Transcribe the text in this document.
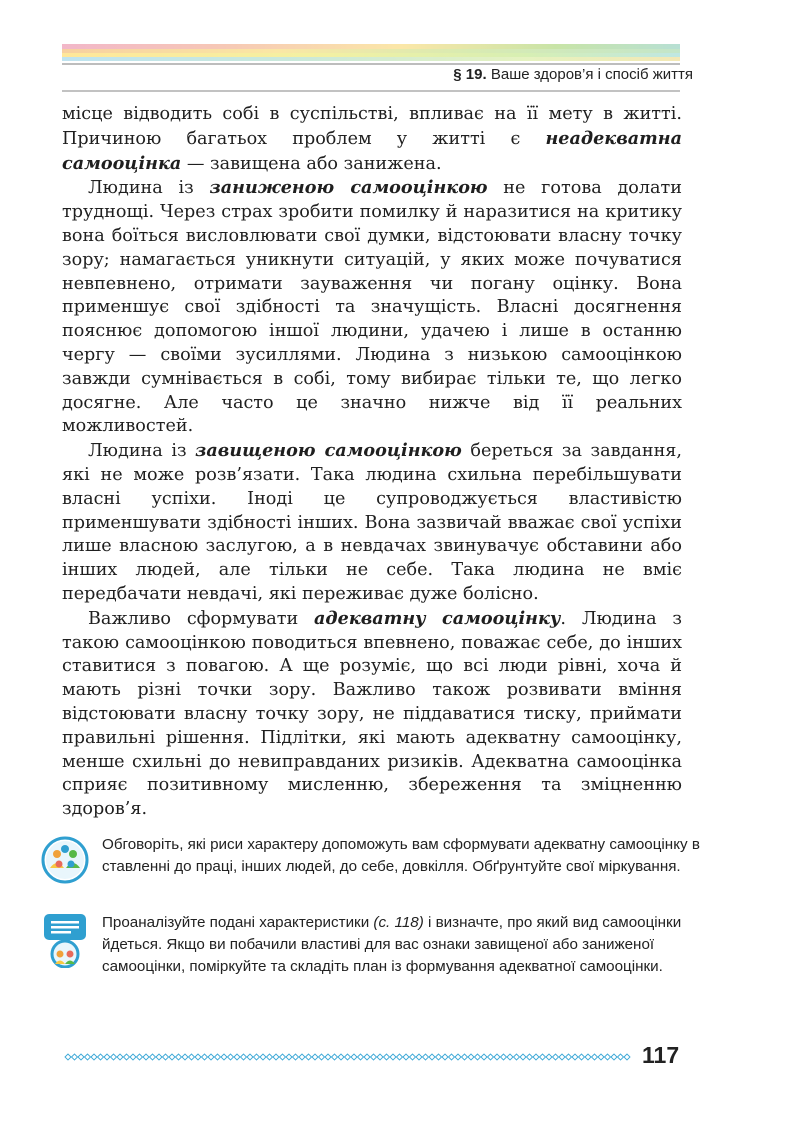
§ 19. Ваше здоров’я і спосіб життя

місце відводить собі в суспільстві, впливає на її мету в житті. Причиною багатьох проблем у житті є неадекватна самооцінка — завищена або занижена.

Людина із заниженою самооцінкою не готова долати труднощі. Через страх зробити помилку й наразитися на критику вона боїться висловлювати свої думки, відстоювати власну точку зору; намагається уникнути ситуацій, у яких може почуватися невпевнено, отримати зауваження чи погану оцінку. Вона применшує свої здібності та значущість. Власні досягнення пояснює допомогою іншої людини, удачею і лише в останню чергу — своїми зусиллями. Людина з низькою самооцінкою завжди сумнівається в собі, тому вибирає тільки те, що легко досягне. Але часто це значно нижче від її реальних можливостей.

Людина із завищеною самооцінкою береться за завдання, які не може розв’язати. Така людина схильна перебільшувати власні успіхи. Іноді це супроводжується властивістю применшувати здібності інших. Вона зазвичай вважає свої успіхи лише власною заслугою, а в невдачах звинувачує обставини або інших людей, але тільки не себе. Така людина не вміє передбачати невдачі, які переживає дуже болісно.

Важливо сформувати адекватну самооцінку. Людина з такою самооцінкою поводиться впевнено, поважає себе, до інших ставитися з повагою. А ще розуміє, що всі люди рівні, хоча й мають різні точки зору. Важливо також розвивати вміння відстоювати власну точку зору, не піддаватися тиску, приймати правильні рішення. Підлітки, які мають адекватну самооцінку, менше схильні до невиправданих ризиків. Адекватна самооцінка сприяє позитивному мисленню, збереження та зміцненню здоров’я.

Обговоріть, які риси характеру допоможуть вам сформувати адекватну самооцінку в ставленні до праці, інших людей, до себе, довкілля. Обґрунтуйте свої міркування.
Проаналізуйте подані характеристики (с. 118) і визначте, про який вид самооцінки йдеться. Якщо ви побачили властиві для вас ознаки завищеної або заниженої самооцінки, поміркуйте та складіть план із формування адекватної самооцінки.
117
